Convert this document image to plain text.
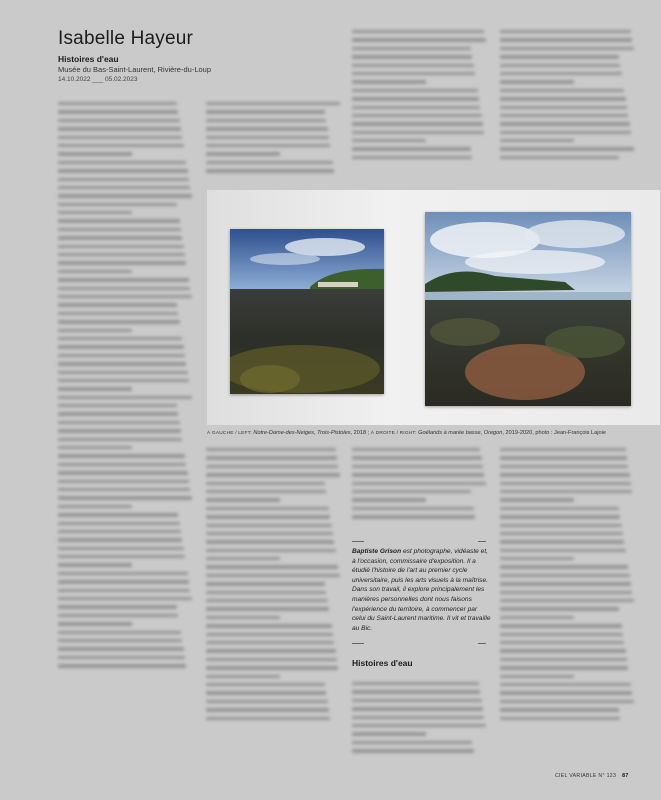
Isabelle Hayeur
Histoires d'eau
Musée du Bas-Saint-Laurent, Rivière-du-Loup
14.10.2022 ___ 05.02.2023
À GAUCHE / LEFT: Notre-Dame-des-Neiges, Trois-Pistoles, 2018 ; À DROITE / RIGHT: Goélands à marée basse, Oregon, 2019-2020, photo : Jean-François Lajoie
Baptiste Grison est photographe, vidéaste et, à l'occasion, commissaire d'exposition. Il a étudié l'histoire de l'art au premier cycle universitaire, puis les arts visuels à la maîtrise. Dans son travail, il explore principalement les manières personnelles dont nous faisons l'expérience du territoire, à commencer par celui du Saint-Laurent maritime. Il vit et travaille au Bic.
Histoires d'eau
CIEL VARIABLE N° 123 87
